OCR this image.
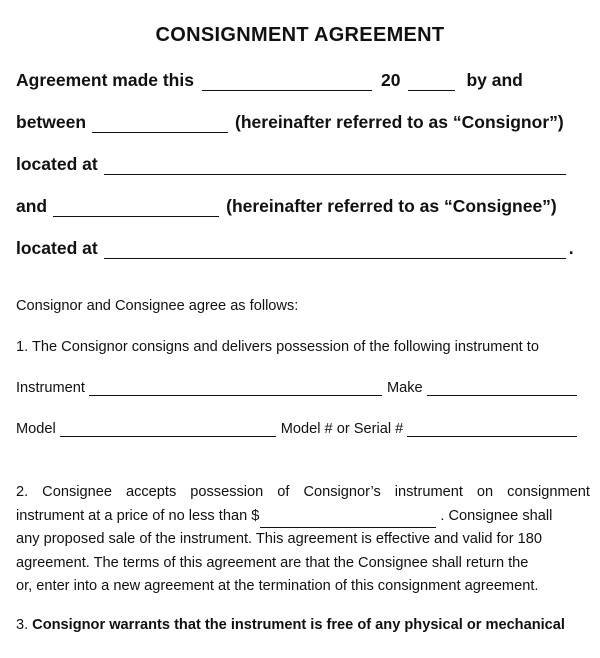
CONSIGNMENT AGREEMENT
Agreement made this	20	by and
between	(hereinafter referred to as “Consignor”)
located at
and	(hereinafter referred to as “Consignee”)
located at	.
Consignor and Consignee agree as follows:
1. The Consignor consigns and delivers possession of the following instrument to
Instrument	Make
Model	Model # or Serial #
2. Consignee accepts possession of Consignor’s instrument on consignment
instrument at a price of no less than $	. Consignee shall
any proposed sale of the instrument. This agreement is effective and valid for 180
agreement. The terms of this agreement are that the Consignee shall return the
or, enter into a new agreement at the termination of this consignment agreement.
3. Consignor warrants that the instrument is free of any physical or mechanical
